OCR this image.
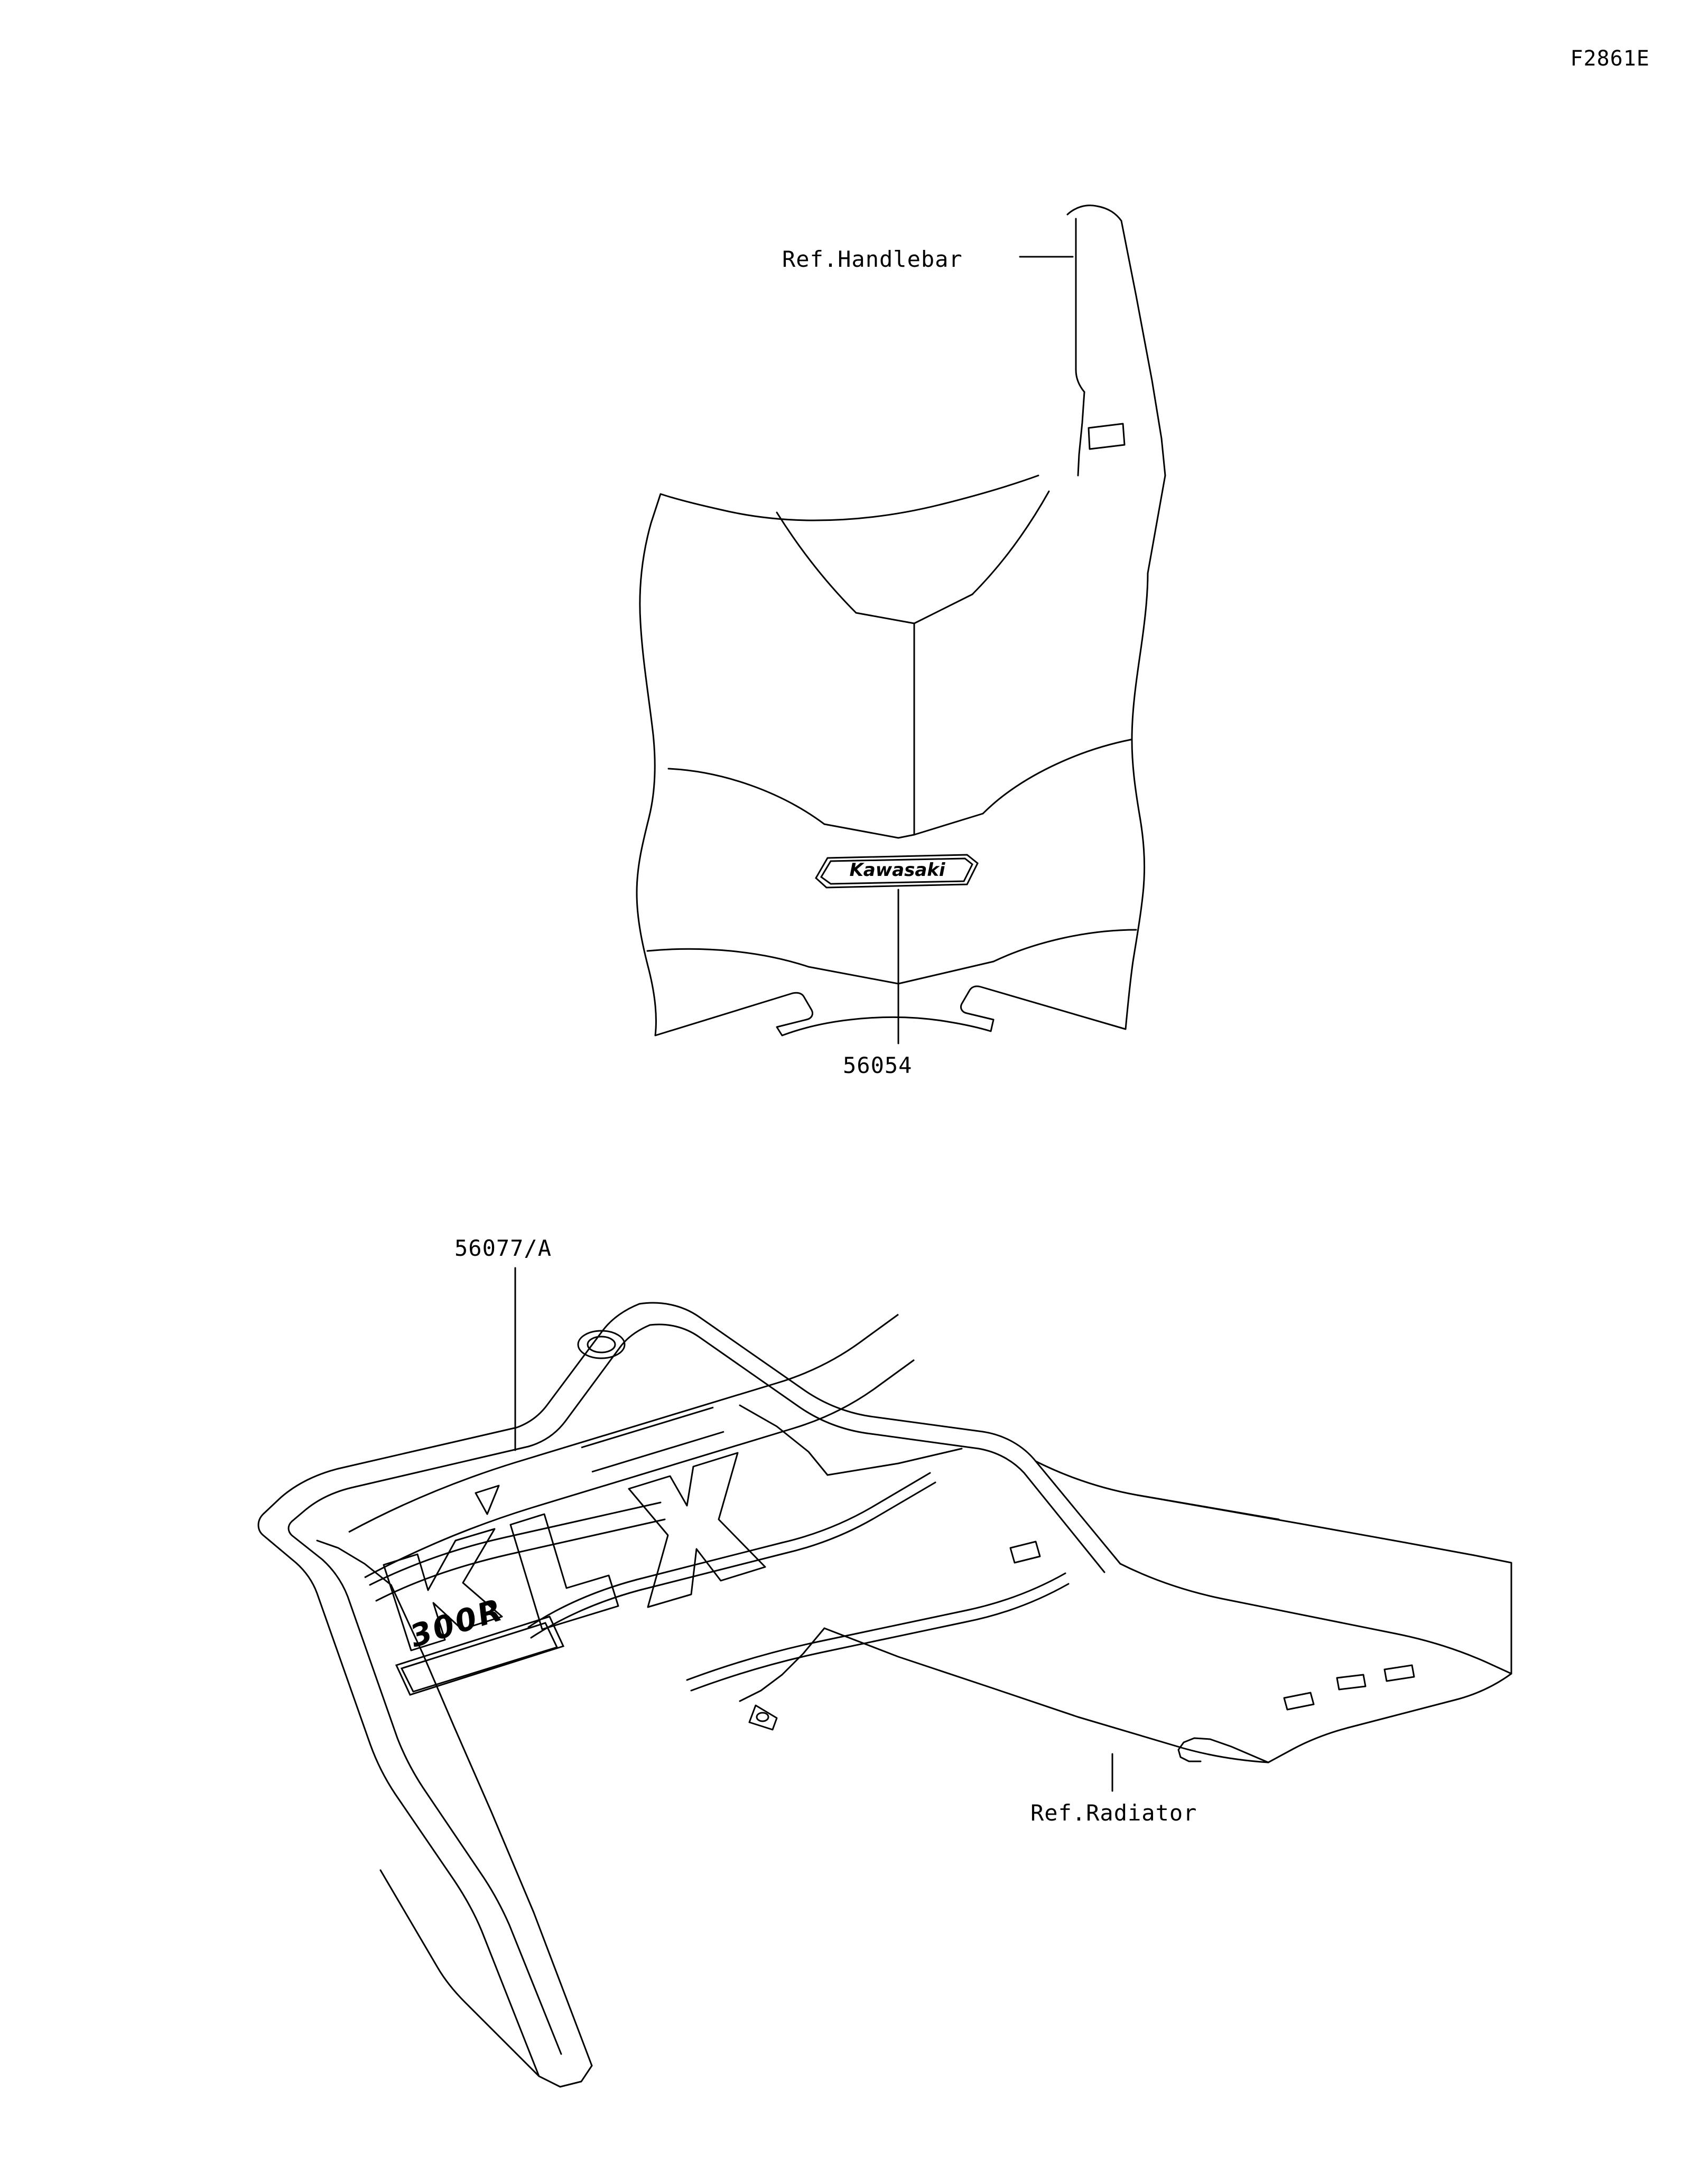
Kawasaki
300R
F2861E
Ref.Handlebar
56054
56077/A
Ref.Radiator
